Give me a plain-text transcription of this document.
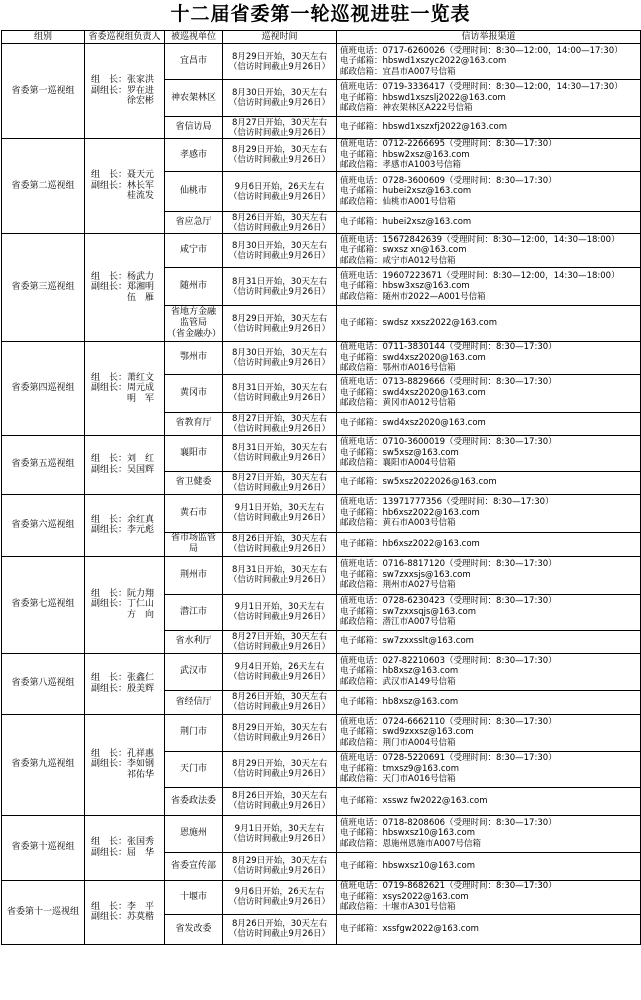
十二届省委第一轮巡视进驻一览表
组别	省委巡视组负责人	被巡视单位	巡视时间	信访举报渠道
省委第一巡视组	组　长：张家洪
副组长：罗在进
　　　　徐宏彬	宜昌市	8月29日开始，30天左右
（信访时间截止9月26日）	值班电话：0717-6260026（受理时间：8:30—12:00，14:00—17:30）
电子邮箱：hbswd1xszyc2022@163.com
邮政信箱：宜昌市A007号信箱
		神农架林区	8月30日开始，30天左右
（信访时间截止9月26日）	值班电话：0719-3336417（受理时间：8:30—12:00，14:30—17:30）
电子邮箱：hbswd1xszslj2022@163.com
邮政信箱：神农架林区A222号信箱
		省信访局	8月27日开始，30天左右
（信访时间截止9月26日）	电子邮箱：hbswd1xszxfj2022@163.com
省委第二巡视组	组　长：聂天元
副组长：林长军
　　　　桂流发	孝感市	8月29日开始，30天左右
（信访时间截止9月26日）	值班电话：0712-2266695（受理时间：8:30—17:30）
电子邮箱：hbsw2xsz@163.com
邮政信箱：孝感市A1003号信箱
		仙桃市	9月6日开始，26天左右
（信访时间截止9月26日）	值班电话：0728-3600609（受理时间：8:30—17:30）
电子邮箱：hubei2xsz@163.com
邮政信箱：仙桃市A001号信箱
		省应急厅	8月26日开始，30天左右
（信访时间截止9月26日）	电子邮箱：hubei2xsz@163.com
省委第三巡视组	组　长：杨武力
副组长：郑湘明
　　　　伍　雁	咸宁市	8月30日开始，30天左右
（信访时间截止9月26日）	值班电话：15672842639（受理时间：8:30—12:00，14:30—18:00）
电子邮箱：swxsz xn@163.com
邮政信箱：咸宁市A012号信箱
		随州市	8月31日开始，30天左右
（信访时间截止9月26日）	值班电话：19607223671（受理时间：8:30—12:00，14:30—18:00）
电子邮箱：hbsw3xsz@163.com
邮政信箱：随州市2022—A001号信箱
		省地方金融监管局
（省金融办）	8月29日开始，30天左右
（信访时间截止9月26日）	电子邮箱：swdsz xxsz2022@163.com
省委第四巡视组	组　长：萧红文
副组长：周元成
　　　　明　军	鄂州市	8月30日开始，30天左右
（信访时间截止9月26日）	值班电话：0711-3830144（受理时间：8:30—17:30）
电子邮箱：swd4xsz2020@163.com
邮政信箱：鄂州市A016号信箱
		黄冈市	8月31日开始，30天左右
（信访时间截止9月26日）	值班电话：0713-8829666（受理时间：8:30—17:30）
电子邮箱：swd4xsz2020@163.com
邮政信箱：黄冈市A012号信箱
		省教育厅	8月27日开始，30天左右
（信访时间截止9月26日）	电子邮箱：swd4xsz2020@163.com
省委第五巡视组	组　长：刘　红
副组长：吴国辉	襄阳市	8月31日开始，30天左右
（信访时间截止9月26日）	值班电话：0710-3600019（受理时间：8:30—17:30）
电子邮箱：sw5xsz@163.com
邮政信箱：襄阳市A004号信箱
		省卫健委	8月27日开始，30天左右
（信访时间截止9月26日）	电子邮箱：sw5xsz2022026@163.com
省委第六巡视组	组　长：余红真
副组长：李元彪	黄石市	9月1日开始，30天左右
（信访时间截止9月26日）	值班电话：13971777356（受理时间：8:30—17:30）
电子邮箱：hb6xsz2022@163.com
邮政信箱：黄石市A003号信箱
		省市场监管局	8月26日开始，30天左右
（信访时间截止9月26日）	电子邮箱：hb6xsz2022@163.com
省委第七巡视组	组　长：阮力翔
副组长：丁仁山
　　　　方　向	荆州市	8月31日开始，30天左右
（信访时间截止9月26日）	值班电话：0716-8817120（受理时间：8:30—17:30）
电子邮箱：sw7zxxsjs@163.com
邮政信箱：荆州市A027号信箱
		潜江市	9月1日开始，30天左右
（信访时间截止9月26日）	值班电话：0728-6230423（受理时间：8:30—17:30）
电子邮箱：sw7zxxsqjs@163.com
邮政信箱：潜江市A007号信箱
		省水利厅	8月27日开始，30天左右
（信访时间截止9月26日）	电子邮箱：sw7zxxsslt@163.com
省委第八巡视组	组　长：张鑫仁
副组长：殷美辉	武汉市	9月4日开始，26天左右
（信访时间截止9月26日）	值班电话：027-82210603（受理时间：8:30—17:30）
电子邮箱：hb8xsz@163.com
邮政信箱：武汉市A149号信箱
		省经信厅	8月26日开始，30天左右
（信访时间截止9月26日）	电子邮箱：hb8xsz@163.com
省委第九巡视组	组　长：孔祥惠
副组长：李如钢
　　　　祁佑华	荆门市	8月29日开始，30天左右
（信访时间截止9月26日）	值班电话：0724-6662110（受理时间：8:30—17:30）
电子邮箱：swd9zxxsz@163.com
邮政信箱：荆门市A004号信箱
		天门市	8月29日开始，30天左右
（信访时间截止9月26日）	值班电话：0728-5220691（受理时间：8:30—17:30）
电子邮箱：tmxsz9@163.com
邮政信箱：天门市A016号信箱
		省委政法委	8月26日开始，30天左右
（信访时间截止9月26日）	电子邮箱：xsswz fw2022@163.com
省委第十巡视组	组　长：张国秀
副组长：屈　华	恩施州	9月1日开始，30天左右
（信访时间截止9月26日）	值班电话：0718-8208606（受理时间：8:30—17:30）
电子邮箱：hbswxsz10@163.com
邮政信箱：恩施州恩施市A007号信箱
		省委宣传部	8月29日开始，30天左右
（信访时间截止9月26日）	电子邮箱：hbswxsz10@163.com
省委第十一巡视组	组　长：李　平
副组长：苏莫楷	十堰市	9月6日开始，26天左右
（信访时间截止9月26日）	值班电话：0719-8682621（受理时间：8:30—17:30）
电子邮箱：xsys2022@163.com
邮政信箱：十堰市A301号信箱
		省发改委	8月26日开始，30天左右
（信访时间截止9月26日）	电子邮箱：xssfgw2022@163.com
